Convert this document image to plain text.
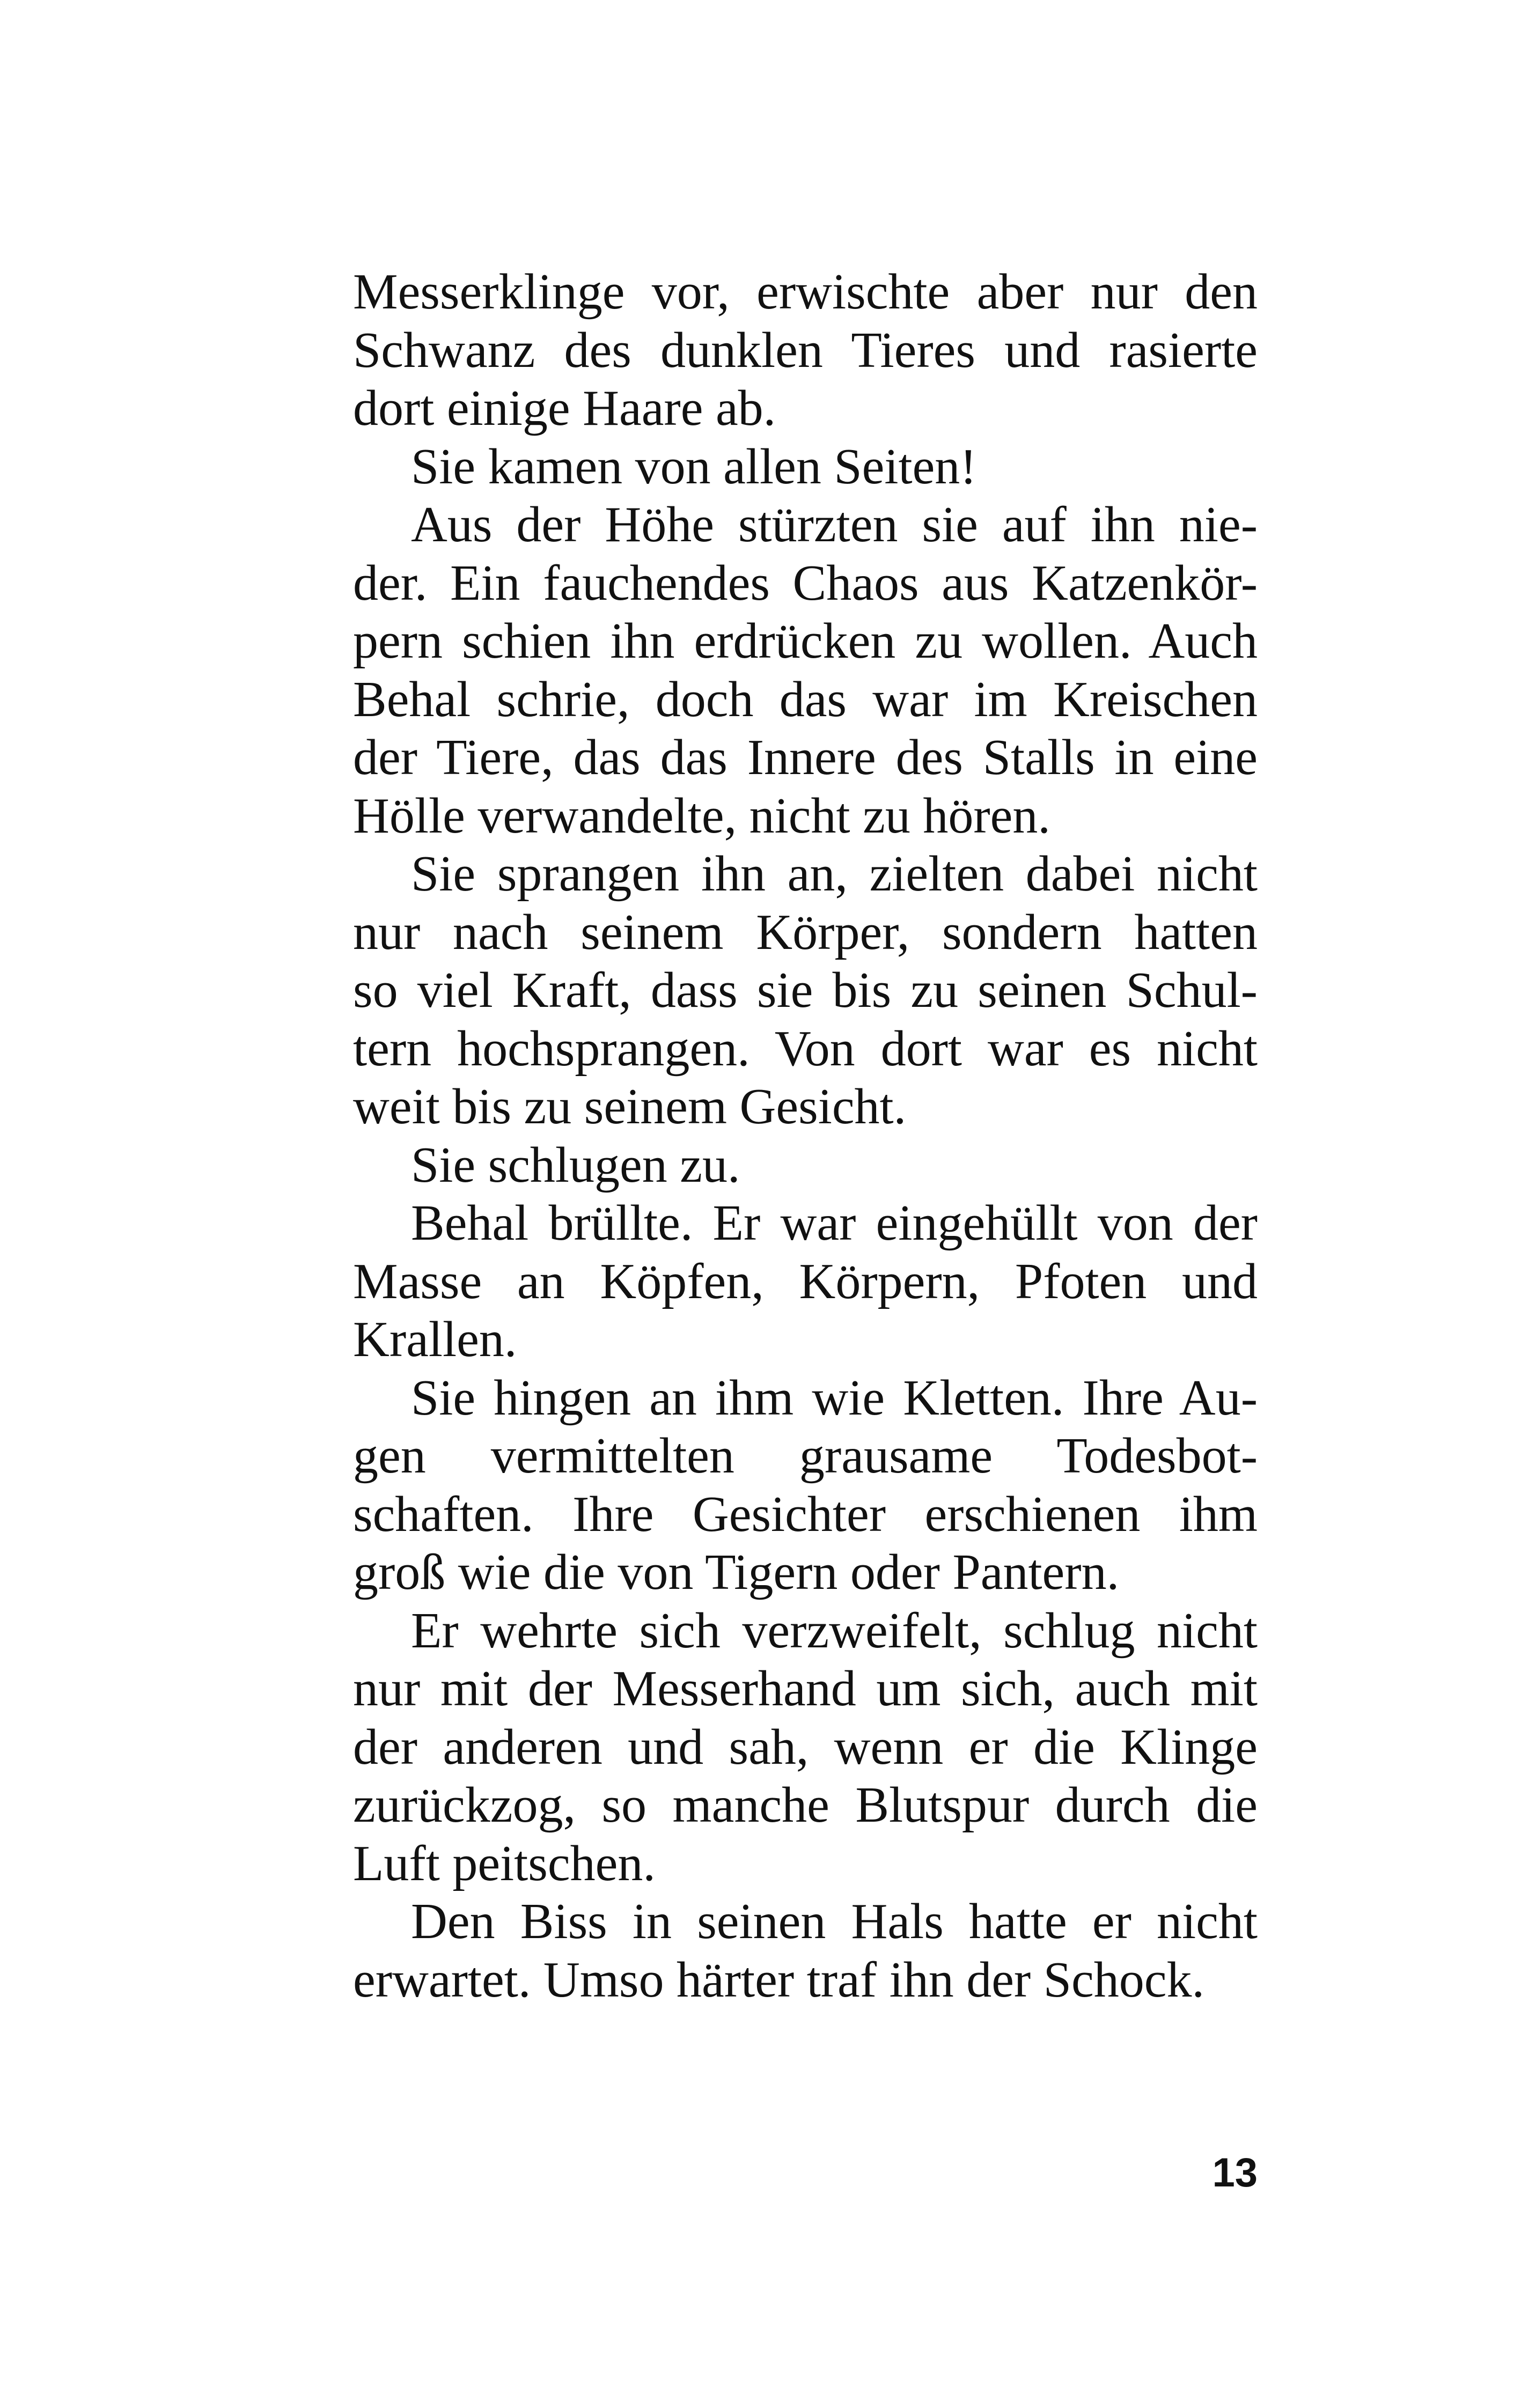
Messerklinge vor, erwischte aber nur den
Schwanz des dunklen Tieres und rasierte
dort einige Haare ab.
Sie kamen von allen Seiten!
Aus der Höhe stürzten sie auf ihn nie-
der. Ein fauchendes Chaos aus Katzenkör-
pern schien ihn erdrücken zu wollen. Auch
Behal schrie, doch das war im Kreischen
der Tiere, das das Innere des Stalls in eine
Hölle verwandelte, nicht zu hören.
Sie sprangen ihn an, zielten dabei nicht
nur nach seinem Körper, sondern hatten
so viel Kraft, dass sie bis zu seinen Schul-
tern hochsprangen. Von dort war es nicht
weit bis zu seinem Gesicht.
Sie schlugen zu.
Behal brüllte. Er war eingehüllt von der
Masse an Köpfen, Körpern, Pfoten und
Krallen.
Sie hingen an ihm wie Kletten. Ihre Au-
gen vermittelten grausame Todesbot-
schaften. Ihre Gesichter erschienen ihm
groß wie die von Tigern oder Pantern.
Er wehrte sich verzweifelt, schlug nicht
nur mit der Messerhand um sich, auch mit
der anderen und sah, wenn er die Klinge
zurückzog, so manche Blutspur durch die
Luft peitschen.
Den Biss in seinen Hals hatte er nicht
erwartet. Umso härter traf ihn der Schock.
13
